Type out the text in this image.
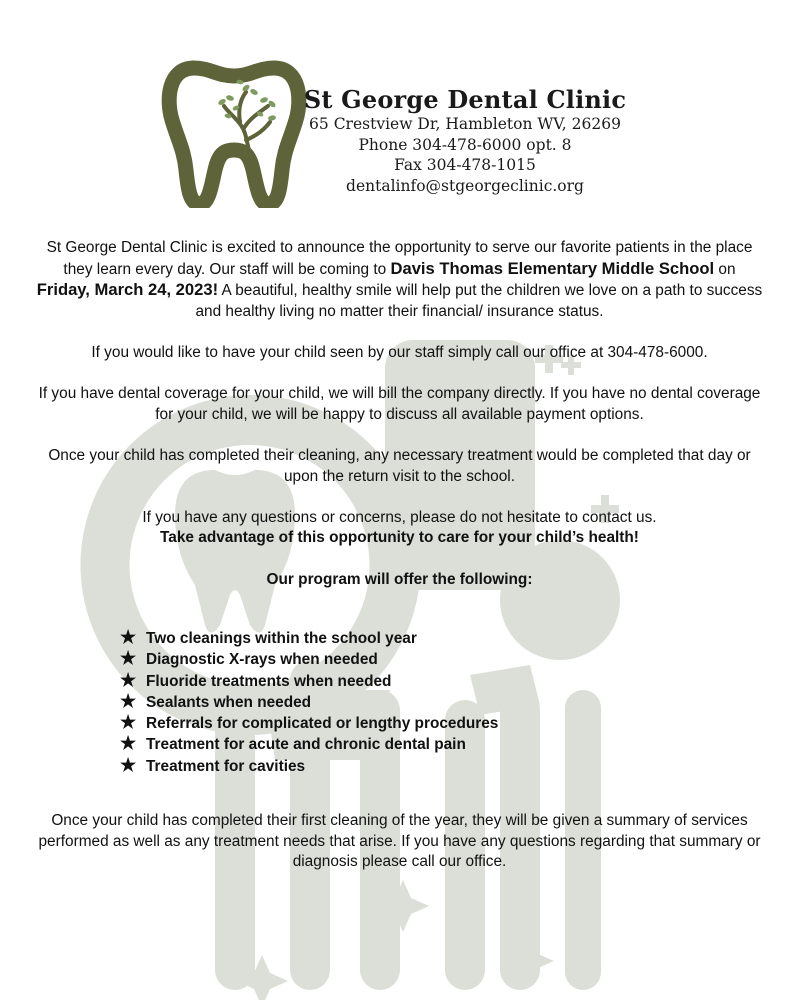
St George Dental Clinic
65 Crestview Dr, Hambleton WV, 26269
Phone 304-478-6000 opt. 8
Fax 304-478-1015
dentalinfo@stgeorgeclinic.org

St George Dental Clinic is excited to announce the opportunity to serve our favorite patients in the place they learn every day. Our staff will be coming to Davis Thomas Elementary Middle School on Friday, March 24, 2023! A beautiful, healthy smile will help put the children we love on a path to success and healthy living no matter their financial/ insurance status.

If you would like to have your child seen by our staff simply call our office at 304-478-6000.

If you have dental coverage for your child, we will bill the company directly. If you have no dental coverage for your child, we will be happy to discuss all available payment options.

Once your child has completed their cleaning, any necessary treatment would be completed that day or upon the return visit to the school.

If you have any questions or concerns, please do not hesitate to contact us.
Take advantage of this opportunity to care for your child’s health!

Our program will offer the following:

★ Two cleanings within the school year
★ Diagnostic X-rays when needed
★ Fluoride treatments when needed
★ Sealants when needed
★ Referrals for complicated or lengthy procedures
★ Treatment for acute and chronic dental pain
★ Treatment for cavities

Once your child has completed their first cleaning of the year, they will be given a summary of services performed as well as any treatment needs that arise. If you have any questions regarding that summary or diagnosis please call our office.
